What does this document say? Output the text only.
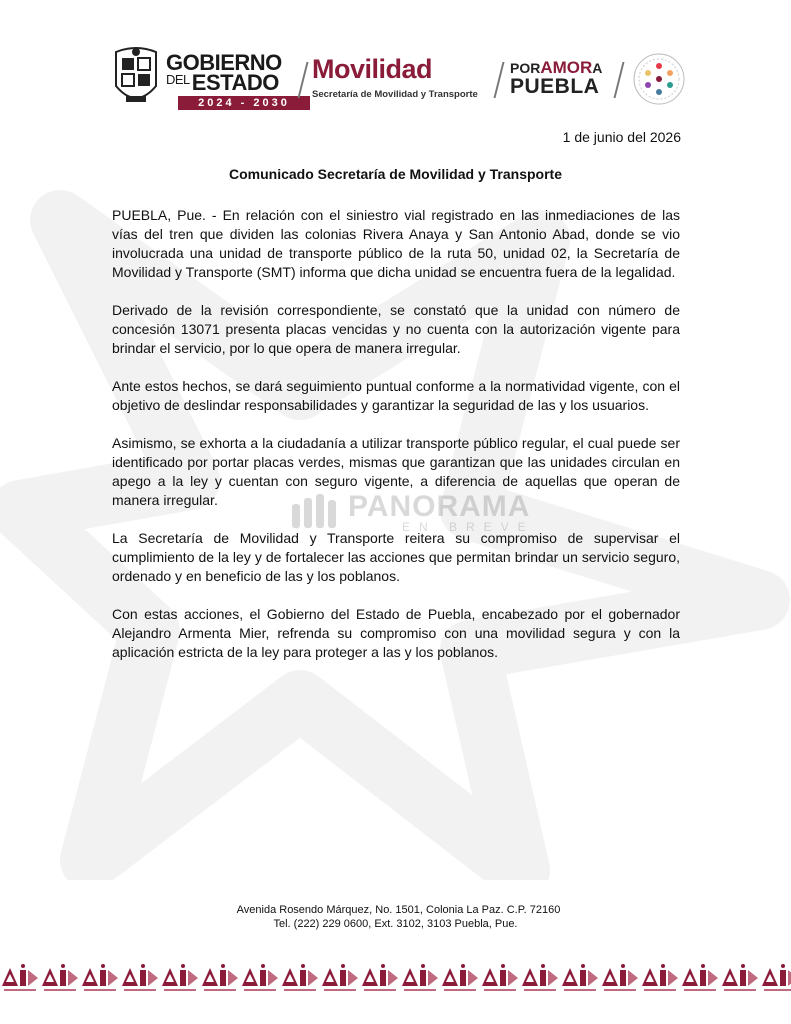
GOBIERNO
$^{DEL}$ESTADO
2024 - 2030
Movilidad
Secretaría de Movilidad y Transporte
PORAMORA
PUEBLA
1 de junio del 2026
Comunicado Secretaría de Movilidad y Transporte

PUEBLA, Pue. - En relación con el siniestro vial registrado en las inmediaciones de las vías del tren que dividen las colonias Rivera Anaya y San Antonio Abad, donde se vio involucrada una unidad de transporte público de la ruta 50, unidad 02, la Secretaría de Movilidad y Transporte (SMT) informa que dicha unidad se encuentra fuera de la legalidad.

Derivado de la revisión correspondiente, se constató que la unidad con número de concesión 13071 presenta placas vencidas y no cuenta con la autorización vigente para brindar el servicio, por lo que opera de manera irregular.

Ante estos hechos, se dará seguimiento puntual conforme a la normatividad vigente, con el objetivo de deslindar responsabilidades y garantizar la seguridad de las y los usuarios.

Asimismo, se exhorta a la ciudadanía a utilizar transporte público regular, el cual puede ser identificado por portar placas verdes, mismas que garantizan que las unidades circulan en apego a la ley y cuentan con seguro vigente, a diferencia de aquellas que operan de manera irregular.

La Secretaría de Movilidad y Transporte reitera su compromiso de supervisar el cumplimiento de la ley y de fortalecer las acciones que permitan brindar un servicio seguro, ordenado y en beneficio de las y los poblanos.

Con estas acciones, el Gobierno del Estado de Puebla, encabezado por el gobernador Alejandro Armenta Mier, refrenda su compromiso con una movilidad segura y con la aplicación estricta de la ley para proteger a las y los poblanos.

PANORAMA
EN BREVE
Avenida Rosendo Márquez, No. 1501, Colonia La Paz. C.P. 72160
Tel. (222) 229 0600, Ext. 3102, 3103 Puebla, Pue.
